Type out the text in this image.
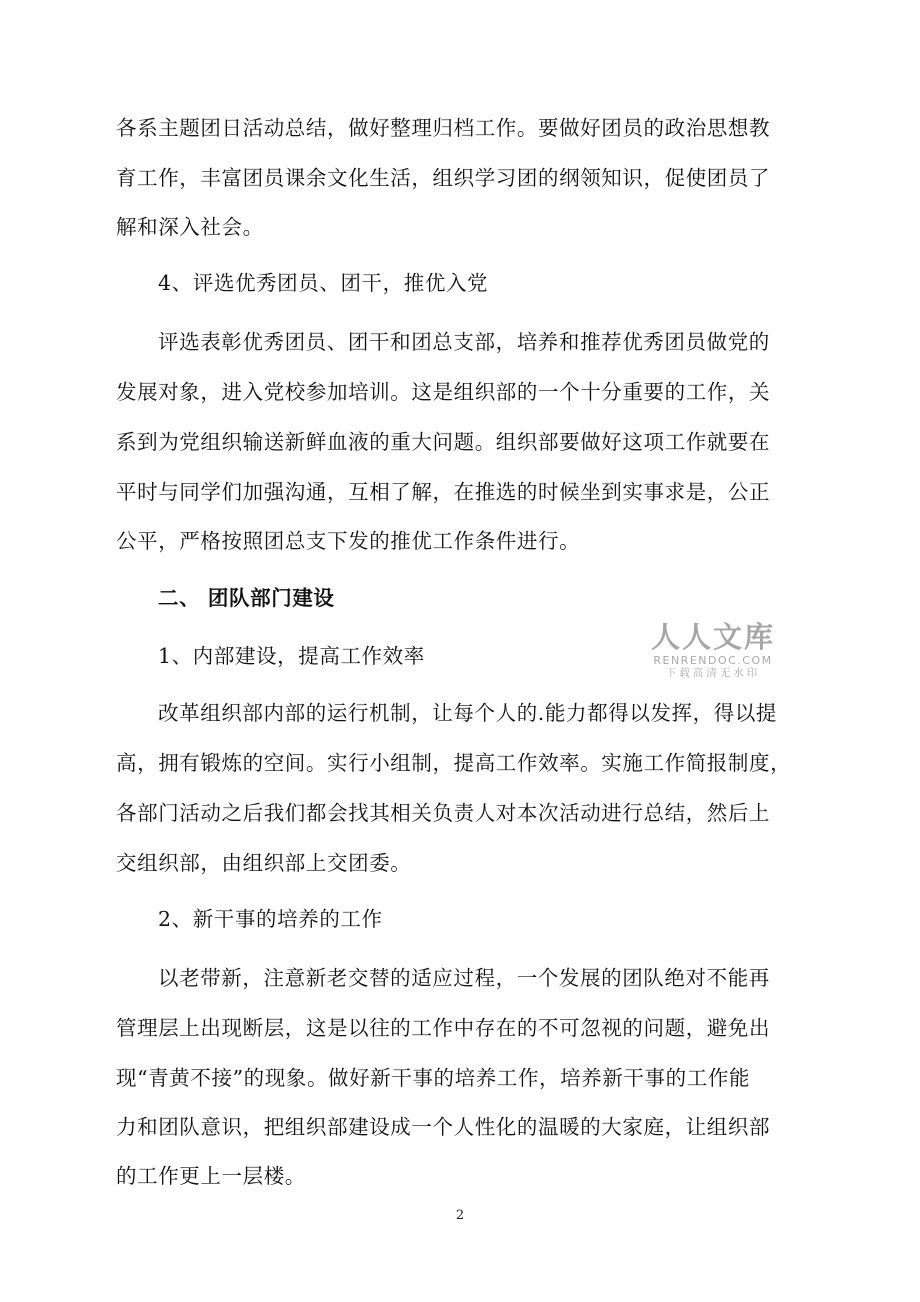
各系主题团日活动总结，做好整理归档工作。要做好团员的政治思想教
育工作，丰富团员课余文化生活，组织学习团的纲领知识，促使团员了
解和深入社会。
4、评选优秀团员、团干，推优入党
评选表彰优秀团员、团干和团总支部，培养和推荐优秀团员做党的
发展对象，进入党校参加培训。这是组织部的一个十分重要的工作，关
系到为党组织输送新鲜血液的重大问题。组织部要做好这项工作就要在
平时与同学们加强沟通，互相了解，在推选的时候坐到实事求是，公正
公平，严格按照团总支下发的推优工作条件进行。
二、 团队部门建设
1、内部建设，提高工作效率
改革组织部内部的运行机制，让每个人的.能力都得以发挥，得以提
高，拥有锻炼的空间。实行小组制，提高工作效率。实施工作简报制度，
各部门活动之后我们都会找其相关负责人对本次活动进行总结，然后上
交组织部，由组织部上交团委。
2、新干事的培养的工作
以老带新，注意新老交替的适应过程，一个发展的团队绝对不能再
管理层上出现断层，这是以往的工作中存在的不可忽视的问题，避免出
现“青黄不接”的现象。做好新干事的培养工作，培养新干事的工作能
力和团队意识，把组织部建设成一个人性化的温暖的大家庭，让组织部
的工作更上一层楼。
人人文库
RENRENDOC.COM
下载高清无水印
2
